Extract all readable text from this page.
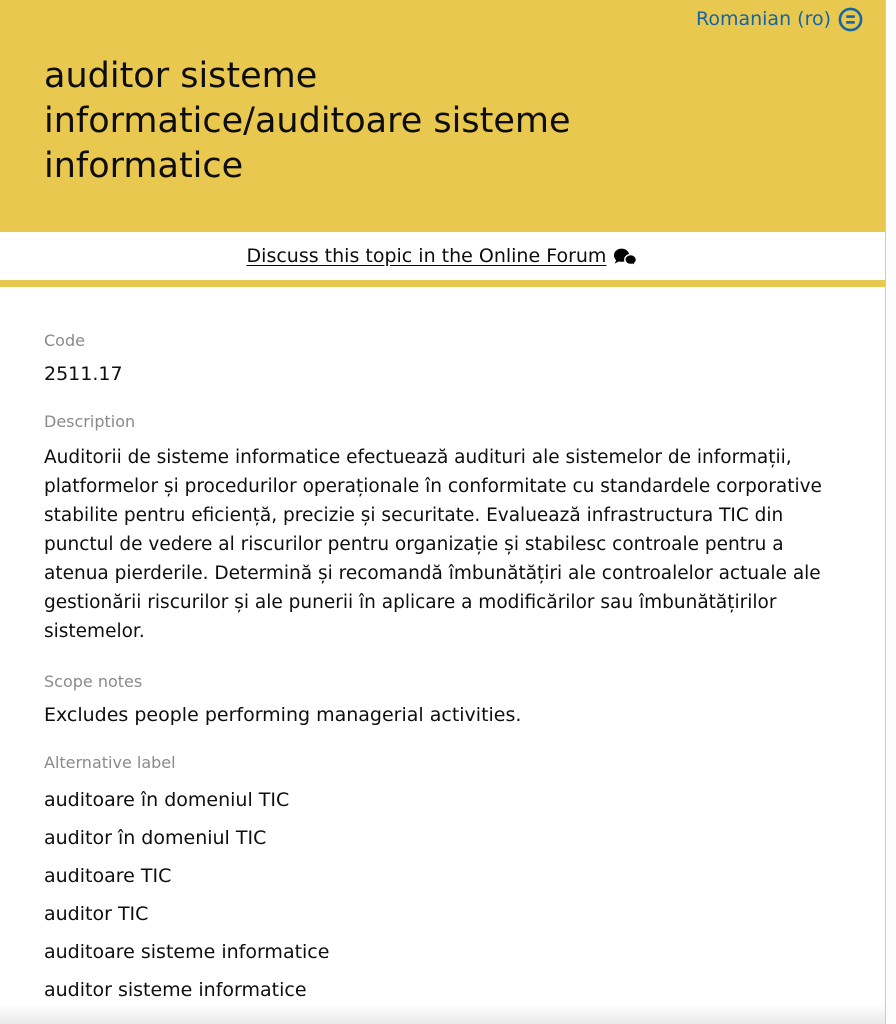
Romanian (ro)
auditor sisteme
informatice/auditoare sisteme
informatice
Discuss this topic in the Online Forum
Code
2511.17
Description

Auditorii de sisteme informatice efectuează audituri ale sistemelor de informații, platformelor și procedurilor operaționale în conformitate cu standardele corporative stabilite pentru eficiență, precizie și securitate. Evaluează infrastructura TIC din punctul de vedere al riscurilor pentru organizație și stabilesc controale pentru a atenua pierderile. Determină și recomandă îmbunătățiri ale controalelor actuale ale gestionării riscurilor și ale punerii în aplicare a modificărilor sau îmbunătățirilor sistemelor.

Scope notes
Excludes people performing managerial activities.
Alternative label
auditoare în domeniul TIC
auditor în domeniul TIC
auditoare TIC
auditor TIC
auditoare sisteme informatice
auditor sisteme informatice
